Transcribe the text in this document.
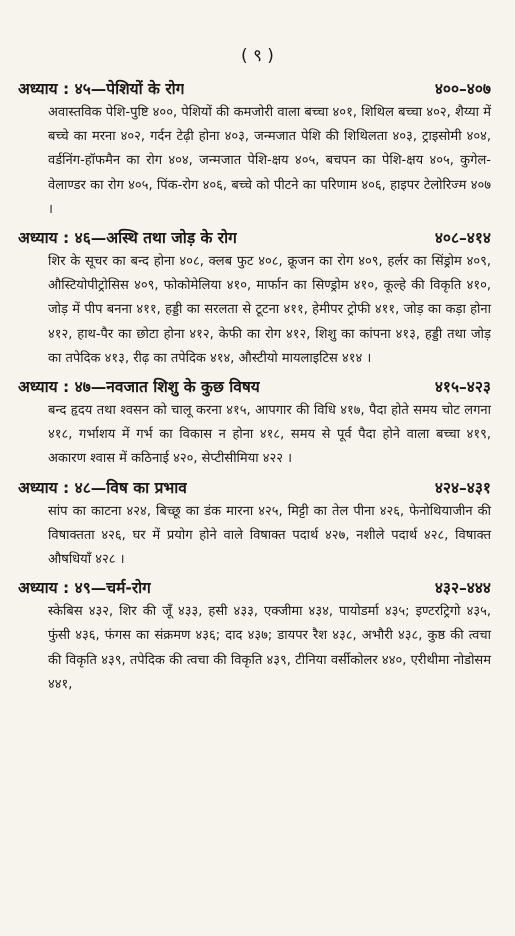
( ९ )
अध्याय : ४५—पेशियों के रोग	४००–४०७
अवास्तविक पेशि-पुष्टि ४००, पेशियों की कमजोरी वाला बच्चा ४०१, शिथिल बच्चा ४०२, शैय्या में बच्चे का मरना ४०२, गर्दन टेढ़ी होना ४०३, जन्मजात पेशि की शिथिलता ४०३, ट्राइसोमी ४०४, वर्डनिंग-हॉफमैन का रोग ४०४, जन्मजात पेशि-क्षय ४०५, बचपन का पेशि-क्षय ४०५, कुगेल-वेलाण्डर का रोग ४०५, पिंक-रोग ४०६, बच्चे को पीटने का परिणाम ४०६, हाइपर टेलोरिज्म ४०७ ।
अध्याय : ४६—अस्थि तथा जोड़ के रोग	४०८–४१४
शिर के सूचर का बन्द होना ४०८, क्लब फुट ४०८, क्रूजन का रोग ४०९, हर्लर का सिंड्रोम ४०९, औस्टियोपीट्रोसिस ४०९, फोकोमेलिया ४१०, मार्फान का सिण्ड्रोम ४१०, कूल्हे की विकृति ४१०, जोड़ में पीप बनना ४११, हड्डी का सरलता से टूटना ४११, हेमीपर ट्रोफी ४११, जोड़ का कड़ा होना ४१२, हाथ-पैर का छोटा होना ४१२, केफी का रोग ४१२, शिशु का कांपना ४१३, हड्डी तथा जोड़ का तपेदिक ४१३, रीढ़ का तपेदिक ४१४, औस्टीयो मायलाइटिस ४१४ ।
अध्याय : ४७—नवजात शिशु के कुछ विषय	४१५–४२३
बन्द हृदय तथा श्वसन को चालू करना ४१५, आपगार की विधि ४१७, पैदा होते समय चोट लगना ४१८, गर्भाशय में गर्भ का विकास न होना ४१८, समय से पूर्व पैदा होने वाला बच्चा ४१९, अकारण श्वास में कठिनाई ४२०, सेप्टीसीमिया ४२२ ।
अध्याय : ४८—विष का प्रभाव	४२४–४३१
सांप का काटना ४२४, बिच्छू का डंक मारना ४२५, मिट्टी का तेल पीना ४२६, फेनोथियाजीन की विषाक्तता ४२६, घर में प्रयोग होने वाले विषाक्त पदार्थ ४२७, नशीले पदार्थ ४२८, विषाक्त औषधियाँ ४२८ ।
अध्याय : ४९—चर्म-रोग	४३२–४४४
स्केबिस ४३२, शिर की जूँ ४३३, हसी ४३३, एक्जीमा ४३४, पायोडर्मा ४३५; इण्टरट्रिगो ४३५, फुंसी ४३६, फंगस का संक्रमण ४३६; दाद ४३७; डायपर रैश ४३८, अभौरी ४३८, कुष्ठ की त्वचा की विकृति ४३९, तपेदिक की त्वचा की विकृति ४३९, टीनिया वर्सीकोलर ४४०, एरीथीमा नोडोसम ४४१,
